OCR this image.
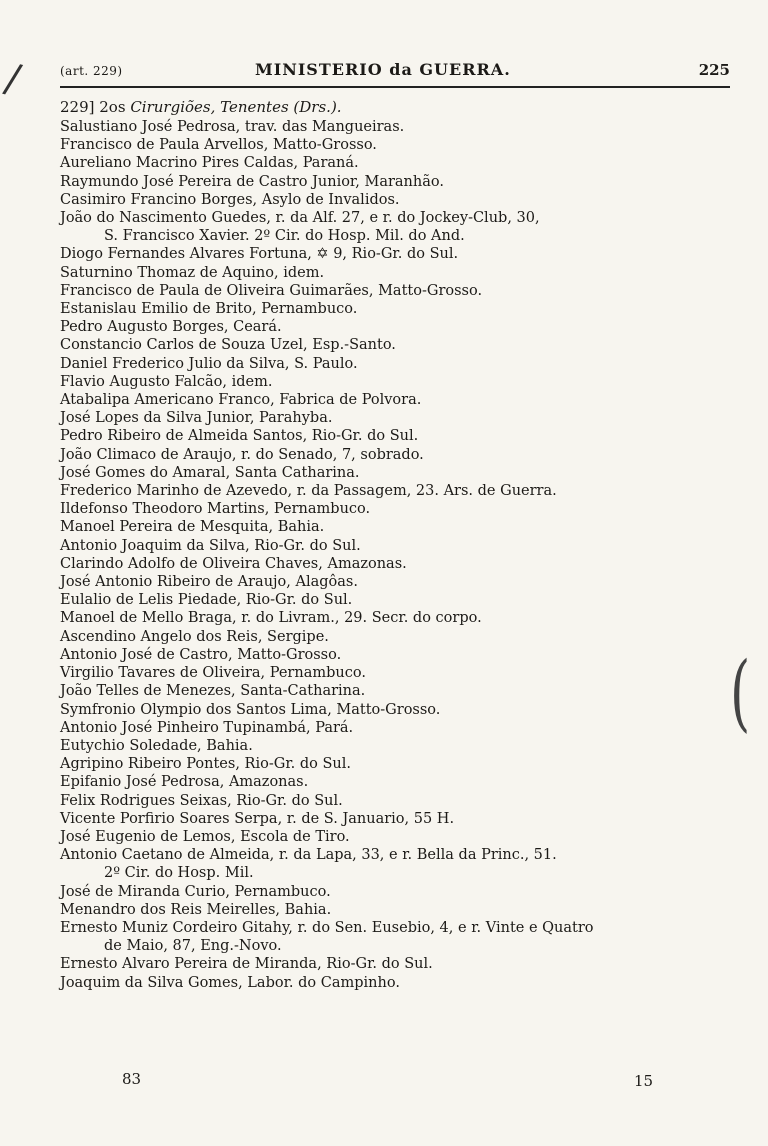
/
(
(art. 229)	MINISTERIO da GUERRA.	225
229] 2os Cirurgiões, Tenentes (Drs.).
Salustiano José Pedrosa, trav. das Mangueiras.
Francisco de Paula Arvellos, Matto-Grosso.
Aureliano Macrino Pires Caldas, Paraná.
Raymundo José Pereira de Castro Junior, Maranhão.
Casimiro Francino Borges, Asylo de Invalidos.
João do Nascimento Guedes, r. da Alf. 27, e r. do Jockey-Club, 30,
S. Francisco Xavier. 2º Cir. do Hosp. Mil. do And.
Diogo Fernandes Alvares Fortuna, ✡ 9, Rio-Gr. do Sul.
Saturnino Thomaz de Aquino, idem.
Francisco de Paula de Oliveira Guimarães, Matto-Grosso.
Estanislau Emilio de Brito, Pernambuco.
Pedro Augusto Borges, Ceará.
Constancio Carlos de Souza Uzel, Esp.-Santo.
Daniel Frederico Julio da Silva, S. Paulo.
Flavio Augusto Falcão, idem.
Atabalipa Americano Franco, Fabrica de Polvora.
José Lopes da Silva Junior, Parahyba.
Pedro Ribeiro de Almeida Santos, Rio-Gr. do Sul.
João Climaco de Araujo, r. do Senado, 7, sobrado.
José Gomes do Amaral, Santa Catharina.
Frederico Marinho de Azevedo, r. da Passagem, 23. Ars. de Guerra.
Ildefonso Theodoro Martins, Pernambuco.
Manoel Pereira de Mesquita, Bahia.
Antonio Joaquim da Silva, Rio-Gr. do Sul.
Clarindo Adolfo de Oliveira Chaves, Amazonas.
José Antonio Ribeiro de Araujo, Alagôas.
Eulalio de Lelis Piedade, Rio-Gr. do Sul.
Manoel de Mello Braga, r. do Livram., 29. Secr. do corpo.
Ascendino Angelo dos Reis, Sergipe.
Antonio José de Castro, Matto-Grosso.
Virgilio Tavares de Oliveira, Pernambuco.
João Telles de Menezes, Santa-Catharina.
Symfronio Olympio dos Santos Lima, Matto-Grosso.
Antonio José Pinheiro Tupinambá, Pará.
Eutychio Soledade, Bahia.
Agripino Ribeiro Pontes, Rio-Gr. do Sul.
Epifanio José Pedrosa, Amazonas.
Felix Rodrigues Seixas, Rio-Gr. do Sul.
Vicente Porfirio Soares Serpa, r. de S. Januario, 55 H.
José Eugenio de Lemos, Escola de Tiro.
Antonio Caetano de Almeida, r. da Lapa, 33, e r. Bella da Princ., 51.
2º Cir. do Hosp. Mil.
José de Miranda Curio, Pernambuco.
Menandro dos Reis Meirelles, Bahia.
Ernesto Muniz Cordeiro Gitahy, r. do Sen. Eusebio, 4, e r. Vinte e Quatro
de Maio, 87, Eng.-Novo.
Ernesto Alvaro Pereira de Miranda, Rio-Gr. do Sul.
Joaquim da Silva Gomes, Labor. do Campinho.
83	15
